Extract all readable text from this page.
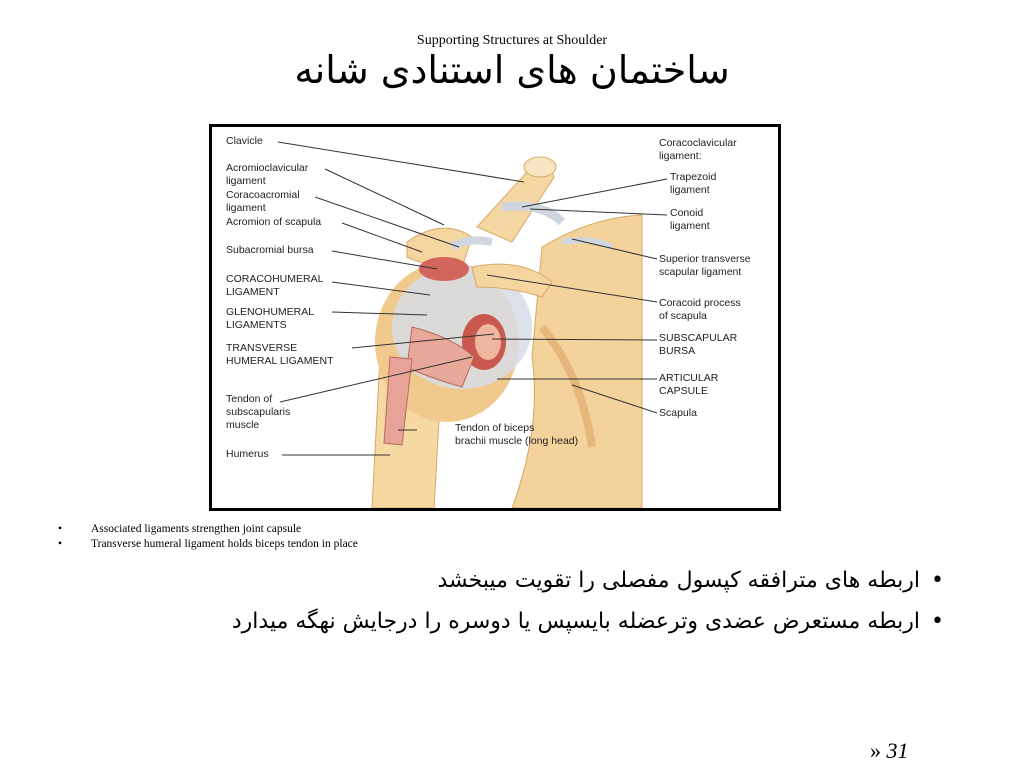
Supporting Structures at Shoulder
ساختمان های استنادی شانه
Clavicle
Acromioclavicular
ligament
Coracoacromial
ligament
Acromion of scapula
Subacromial bursa
CORACOHUMERAL
LIGAMENT
GLENOHUMERAL
LIGAMENTS
TRANSVERSE
HUMERAL LIGAMENT
Tendon of
subscapularis
muscle
Humerus
Coracoclavicular
ligament:
Trapezoid
ligament
Conoid
ligament
Superior transverse
scapular ligament
Coracoid process
of scapula
SUBSCAPULAR
BURSA
ARTICULAR
CAPSULE
Scapula
Tendon of biceps
brachii muscle (long head)
•	Associated ligaments strengthen joint capsule
•	Transverse humeral ligament holds biceps tendon in place
•
اربطه های مترافقه کپسول مفصلی را تقویت میبخشد
•
اربطه مستعرض عضدی وترعضله بایسپس یا دوسره را درجایش نهگه میدارد
» 31
